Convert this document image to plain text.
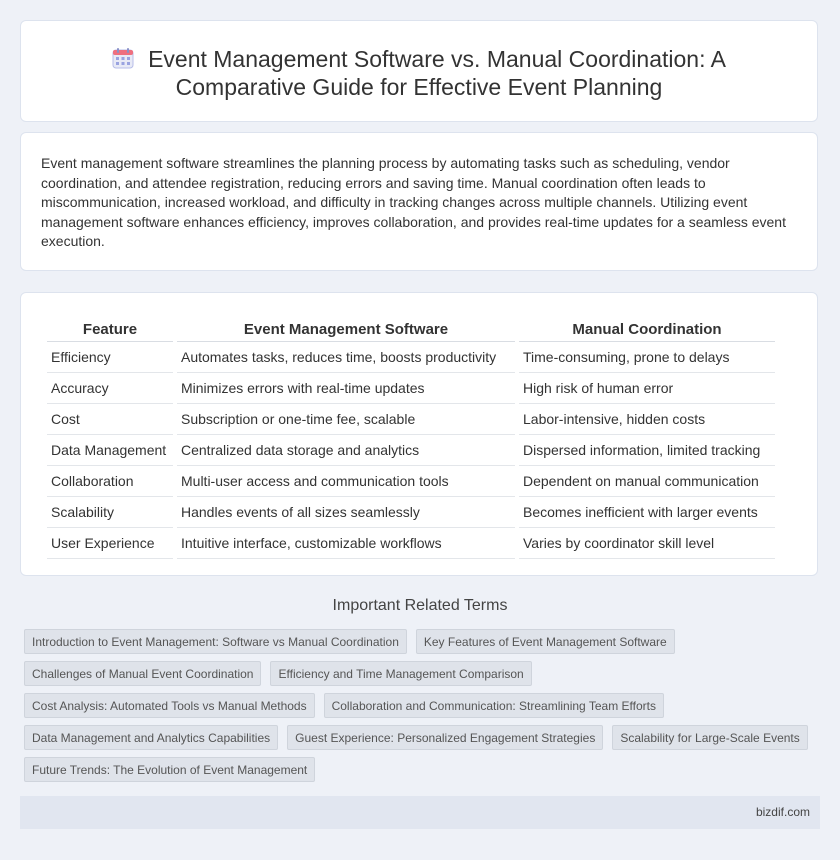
Event Management Software vs. Manual Coordination: A Comparative Guide for Effective Event Planning
Event management software streamlines the planning process by automating tasks such as scheduling, vendor coordination, and attendee registration, reducing errors and saving time. Manual coordination often leads to miscommunication, increased workload, and difficulty in tracking changes across multiple channels. Utilizing event management software enhances efficiency, improves collaboration, and provides real-time updates for a seamless event execution.
Feature	Event Management Software	Manual Coordination
Efficiency	Automates tasks, reduces time, boosts productivity	Time-consuming, prone to delays
Accuracy	Minimizes errors with real-time updates	High risk of human error
Cost	Subscription or one-time fee, scalable	Labor-intensive, hidden costs
Data Management	Centralized data storage and analytics	Dispersed information, limited tracking
Collaboration	Multi-user access and communication tools	Dependent on manual communication
Scalability	Handles events of all sizes seamlessly	Becomes inefficient with larger events
User Experience	Intuitive interface, customizable workflows	Varies by coordinator skill level
Important Related Terms
Introduction to Event Management: Software vs Manual Coordination	Key Features of Event Management Software
Challenges of Manual Event Coordination	Efficiency and Time Management Comparison
Cost Analysis: Automated Tools vs Manual Methods	Collaboration and Communication: Streamlining Team Efforts
Data Management and Analytics Capabilities	Guest Experience: Personalized Engagement Strategies	Scalability for Large-Scale Events
Future Trends: The Evolution of Event Management
bizdif.com
